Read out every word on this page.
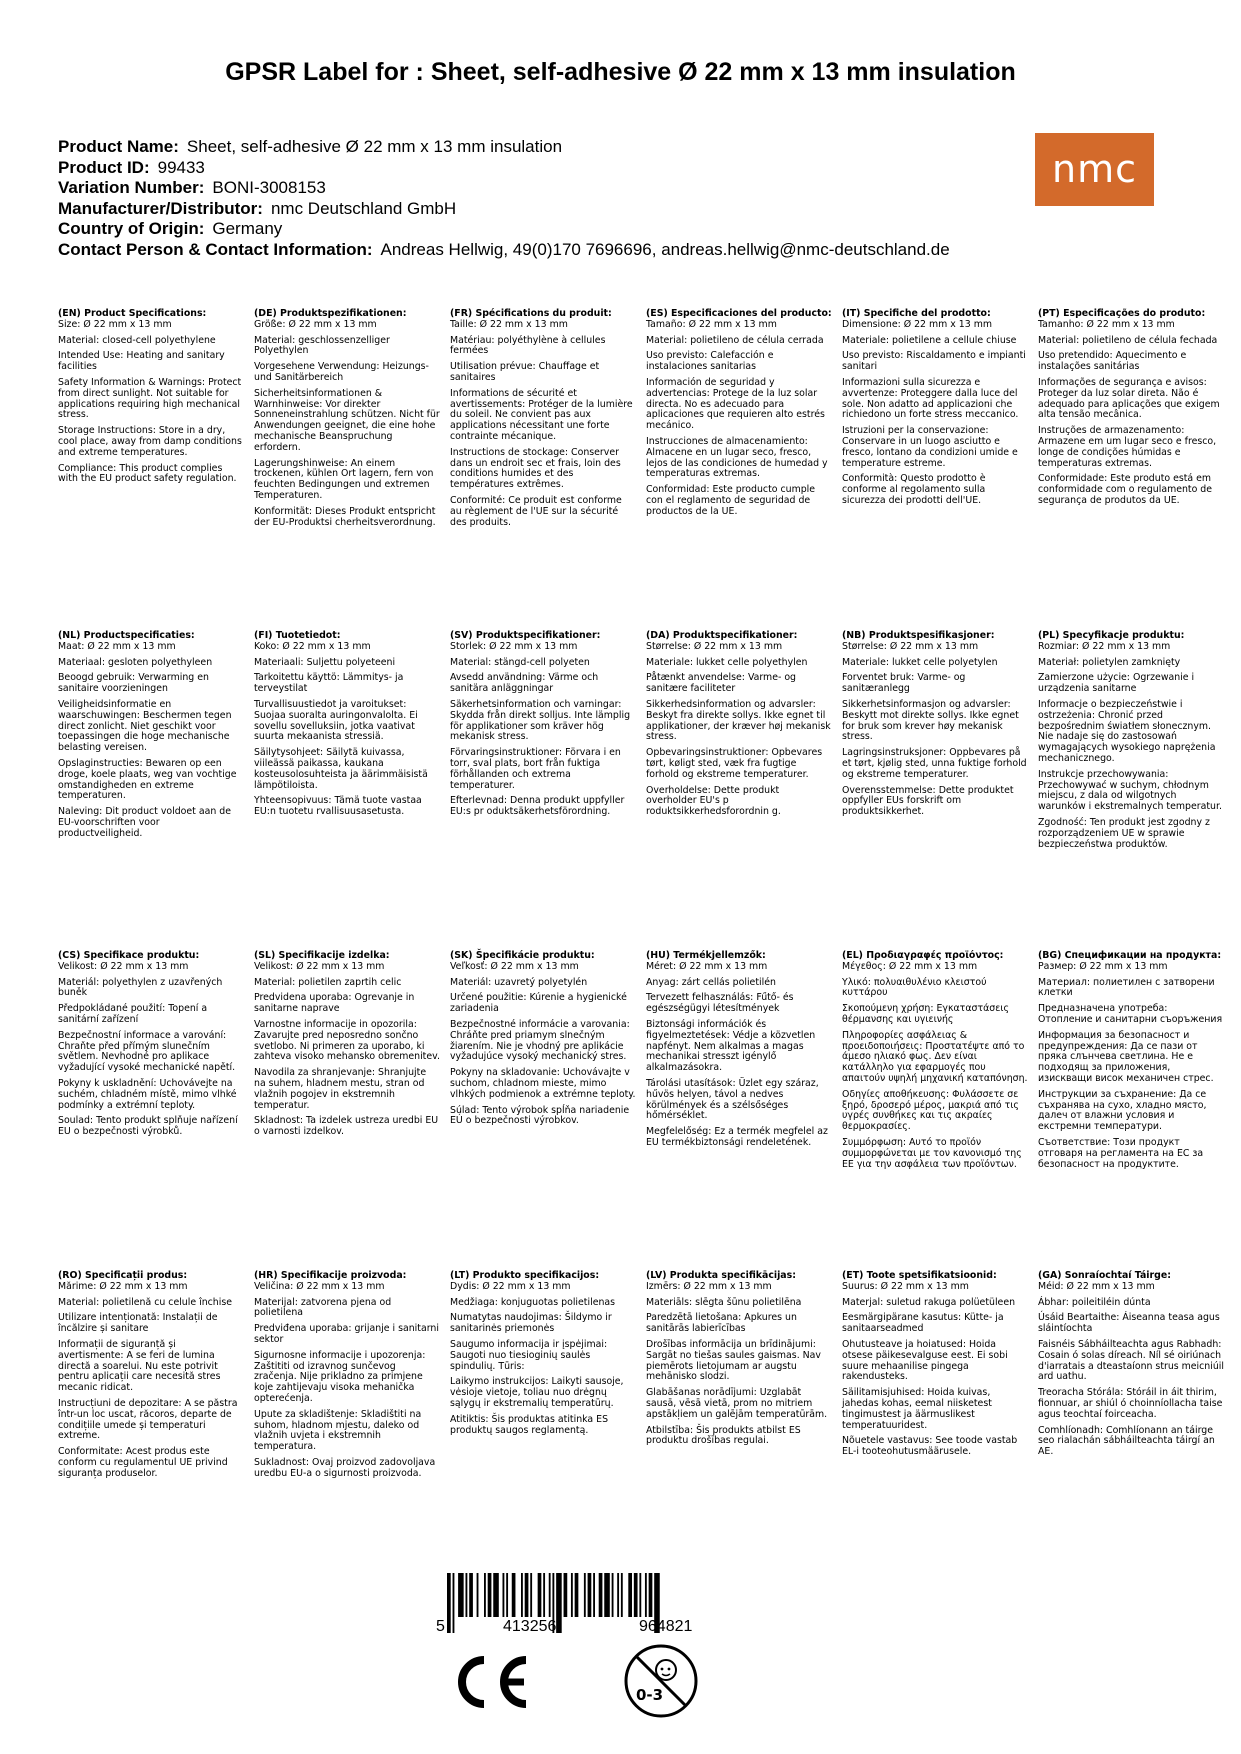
GPSR Label for : Sheet, self-adhesive Ø 22 mm x 13 mm insulation
Product Name: Sheet, self-adhesive Ø 22 mm x 13 mm insulation
Product ID: 99433
Variation Number: BONI-3008153
Manufacturer/Distributor: nmc Deutschland GmbH
Country of Origin: Germany
Contact Person & Contact Information: Andreas Hellwig, 49(0)170 7696696, andreas.hellwig@nmc-deutschland.de
nmc
(EN) Product Specifications:
Size: Ø 22 mm x 13 mm
Material: closed-cell polyethylene
Intended Use: Heating and sanitary facilities
Safety Information & Warnings: Protect from direct sunlight. Not suitable for applications requiring high mechanical stress.
Storage Instructions: Store in a dry, cool place, away from damp conditions and extreme temperatures.
Compliance: This product complies with the EU product safety regulation.
(DE) Produktspezifikationen:
Größe: Ø 22 mm x 13 mm
Material: geschlossenzelliger Polyethylen
Vorgesehene Verwendung: Heizungs- und Sanitärbereich
Sicherheitsinformationen & Warnhinweise: Vor direkter Sonneneinstrahlung schützen. Nicht für Anwendungen geeignet, die eine hohe mechanische Beanspruchung erfordern.
Lagerungshinweise: An einem trockenen, kühlen Ort lagern, fern von feuchten Bedingungen und extremen Temperaturen.
Konformität: Dieses Produkt entspricht der EU-Produktsi cherheitsverordnung.
(FR) Spécifications du produit:
Taille: Ø 22 mm x 13 mm
Matériau: polyéthylène à cellules fermées
Utilisation prévue: Chauffage et sanitaires
Informations de sécurité et avertissements: Protéger de la lumière du soleil. Ne convient pas aux applications nécessitant une forte contrainte mécanique.
Instructions de stockage: Conserver dans un endroit sec et frais, loin des conditions humides et des températures extrêmes.
Conformité: Ce produit est conforme au règlement de l'UE sur la sécurité des produits.
(ES) Especificaciones del producto:
Tamaño: Ø 22 mm x 13 mm
Material: polietileno de célula cerrada
Uso previsto: Calefacción e instalaciones sanitarias
Información de seguridad y advertencias: Protege de la luz solar directa. No es adecuado para aplicaciones que requieren alto estrés mecánico.
Instrucciones de almacenamiento: Almacene en un lugar seco, fresco, lejos de las condiciones de humedad y temperaturas extremas.
Conformidad: Este producto cumple con el reglamento de seguridad de productos de la UE.
(IT) Specifiche del prodotto:
Dimensione: Ø 22 mm x 13 mm
Materiale: polietilene a cellule chiuse
Uso previsto: Riscaldamento e impianti sanitari
Informazioni sulla sicurezza e avvertenze: Proteggere dalla luce del sole. Non adatto ad applicazioni che richiedono un forte stress meccanico.
Istruzioni per la conservazione: Conservare in un luogo asciutto e fresco, lontano da condizioni umide e temperature estreme.
Conformità: Questo prodotto è conforme al regolamento sulla sicurezza dei prodotti dell'UE.
(PT) Especificações do produto:
Tamanho: Ø 22 mm x 13 mm
Material: polietileno de célula fechada
Uso pretendido: Aquecimento e instalações sanitárias
Informações de segurança e avisos: Proteger da luz solar direta. Não é adequado para aplicações que exigem alta tensão mecânica.
Instruções de armazenamento: Armazene em um lugar seco e fresco, longe de condições húmidas e temperaturas extremas.
Conformidade: Este produto está em conformidade com o regulamento de segurança de produtos da UE.
(NL) Productspecificaties:
Maat: Ø 22 mm x 13 mm
Materiaal: gesloten polyethyleen
Beoogd gebruik: Verwarming en sanitaire voorzieningen
Veiligheidsinformatie en waarschuwingen: Beschermen tegen direct zonlicht. Niet geschikt voor toepassingen die hoge mechanische belasting vereisen.
Opslaginstructies: Bewaren op een droge, koele plaats, weg van vochtige omstandigheden en extreme temperaturen.
Naleving: Dit product voldoet aan de EU-voorschriften voor productveiligheid.
(FI) Tuotetiedot:
Koko: Ø 22 mm x 13 mm
Materiaali: Suljettu polyeteeni
Tarkoitettu käyttö: Lämmitys- ja terveystilat
Turvallisuustiedot ja varoitukset: Suojaa suoralta auringonvalolta. Ei sovellu sovelluksiin, jotka vaativat suurta mekaanista stressiä.
Säilytysohjeet: Säilytä kuivassa, viileässä paikassa, kaukana kosteusolosuhteista ja äärimmäisistä lämpötiloista.
Yhteensopivuus: Tämä tuote vastaa EU:n tuotetu rvallisuusasetusta.
(SV) Produktspecifikationer:
Storlek: Ø 22 mm x 13 mm
Material: stängd-cell polyeten
Avsedd användning: Värme och sanitära anläggningar
Säkerhetsinformation och varningar: Skydda från direkt solljus. Inte lämplig för applikationer som kräver hög mekanisk stress.
Förvaringsinstruktioner: Förvara i en torr, sval plats, bort från fuktiga förhållanden och extrema temperaturer.
Efterlevnad: Denna produkt uppfyller EU:s pr oduktsäkerhetsförordning.
(DA) Produktspecifikationer:
Størrelse: Ø 22 mm x 13 mm
Materiale: lukket celle polyethylen
Påtænkt anvendelse: Varme- og sanitære faciliteter
Sikkerhedsinformation og advarsler: Beskyt fra direkte sollys. Ikke egnet til applikationer, der kræver høj mekanisk stress.
Opbevaringsinstruktioner: Opbevares tørt, køligt sted, væk fra fugtige forhold og ekstreme temperaturer.
Overholdelse: Dette produkt overholder EU's p roduktsikkerhedsforordnin g.
(NB) Produktspesifikasjoner:
Størrelse: Ø 22 mm x 13 mm
Materiale: lukket celle polyetylen
Forventet bruk: Varme- og sanitæranlegg
Sikkerhetsinformasjon og advarsler: Beskytt mot direkte sollys. Ikke egnet for bruk som krever høy mekanisk stress.
Lagringsinstruksjoner: Oppbevares på et tørt, kjølig sted, unna fuktige forhold og ekstreme temperaturer.
Overensstemmelse: Dette produktet oppfyller EUs forskrift om produktsikkerhet.
(PL) Specyfikacje produktu:
Rozmiar: Ø 22 mm x 13 mm
Materiał: polietylen zamknięty
Zamierzone użycie: Ogrzewanie i urządzenia sanitarne
Informacje o bezpieczeństwie i ostrzeżenia: Chronić przed bezpośrednim światłem słonecznym. Nie nadaje się do zastosowań wymagających wysokiego naprężenia mechanicznego.
Instrukcje przechowywania: Przechowywać w suchym, chłodnym miejscu, z dala od wilgotnych warunków i ekstremalnych temperatur.
Zgodność: Ten produkt jest zgodny z rozporządzeniem UE w sprawie bezpieczeństwa produktów.
(CS) Specifikace produktu:
Velikost: Ø 22 mm x 13 mm
Materiál: polyethylen z uzavřených buněk
Předpokládané použití: Topení a sanitární zařízení
Bezpečnostní informace a varování: Chraňte před přímým slunečním světlem. Nevhodné pro aplikace vyžadující vysoké mechanické napětí.
Pokyny k uskladnění: Uchovávejte na suchém, chladném místě, mimo vlhké podmínky a extrémní teploty.
Soulad: Tento produkt splňuje nařízení EU o bezpečnosti výrobků.
(SL) Specifikacije izdelka:
Velikost: Ø 22 mm x 13 mm
Material: polietilen zaprtih celic
Predvidena uporaba: Ogrevanje in sanitarne naprave
Varnostne informacije in opozorila: Zavarujte pred neposredno sončno svetlobo. Ni primeren za uporabo, ki zahteva visoko mehansko obremenitev.
Navodila za shranjevanje: Shranjujte na suhem, hladnem mestu, stran od vlažnih pogojev in ekstremnih temperatur.
Skladnost: Ta izdelek ustreza uredbi EU o varnosti izdelkov.
(SK) Špecifikácie produktu:
Veľkosť: Ø 22 mm x 13 mm
Materiál: uzavretý polyetylén
Určené použitie: Kúrenie a hygienické zariadenia
Bezpečnostné informácie a varovania: Chráňte pred priamym slnečným žiarením. Nie je vhodný pre aplikácie vyžadujúce vysoký mechanický stres.
Pokyny na skladovanie: Uchovávajte v suchom, chladnom mieste, mimo vlhkých podmienok a extrémne teploty.
Súlad: Tento výrobok spĺňa nariadenie EÚ o bezpečnosti výrobkov.
(HU) Termékjellemzők:
Méret: Ø 22 mm x 13 mm
Anyag: zárt cellás polietilén
Tervezett felhasználás: Fűtő- és egészségügyi létesítmények
Biztonsági információk és figyelmeztetések: Védje a közvetlen napfényt. Nem alkalmas a magas mechanikai stresszt igénylő alkalmazásokra.
Tárolási utasítások: Üzlet egy száraz, hűvös helyen, távol a nedves körülmények és a szélsőséges hőmérséklet.
Megfelelőség: Ez a termék megfelel az EU termékbiztonsági rendeletének.
(EL) Προδιαγραφές προϊόντος:
Μέγεθος: Ø 22 mm x 13 mm
Υλικό: πολυαιθυλένιο κλειστού κυττάρου
Σκοπούμενη χρήση: Εγκαταστάσεις θέρμανσης και υγιεινής
Πληροφορίες ασφάλειας & προειδοποιήσεις: Προστατέψτε από το άμεσο ηλιακό φως. Δεν είναι κατάλληλο για εφαρμογές που απαιτούν υψηλή μηχανική καταπόνηση.
Οδηγίες αποθήκευσης: Φυλάσσετε σε ξηρό, δροσερό μέρος, μακριά από τις υγρές συνθήκες και τις ακραίες θερμοκρασίες.
Συμμόρφωση: Αυτό το προϊόν συμμορφώνεται με τον κανονισμό της ΕΕ για την ασφάλεια των προϊόντων.
(BG) Спецификации на продукта:
Размер: Ø 22 mm x 13 mm
Материал: полиетилен с затворени клетки
Предназначена употреба: Отопление и санитарни съоръжения
Информация за безопасност и предупреждения: Да се пази от пряка слънчева светлина. Не е подходящ за приложения, изискващи висок механичен стрес.
Инструкции за съхранение: Да се съхранява на сухо, хладно място, далеч от влажни условия и екстремни температури.
Съответствие: Този продукт отговаря на регламента на ЕС за безопасност на продуктите.
(RO) Specificații produs:
Mărime: Ø 22 mm x 13 mm
Material: polietilenă cu celule închise
Utilizare intenționată: Instalații de încălzire și sanitare
Informații de siguranță și avertismente: A se feri de lumina directă a soarelui. Nu este potrivit pentru aplicații care necesită stres mecanic ridicat.
Instrucțiuni de depozitare: A se păstra într-un loc uscat, răcoros, departe de condițiile umede și temperaturi extreme.
Conformitate: Acest produs este conform cu regulamentul UE privind siguranța produselor.
(HR) Specifikacije proizvoda:
Veličina: Ø 22 mm x 13 mm
Materijal: zatvorena pjena od polietilena
Predviđena uporaba: grijanje i sanitarni sektor
Sigurnosne informacije i upozorenja: Zaštititi od izravnog sunčevog zračenja. Nije prikladno za primjene koje zahtijevaju visoka mehanička opterećenja.
Upute za skladištenje: Skladištiti na suhom, hladnom mjestu, daleko od vlažnih uvjeta i ekstremnih temperatura.
Sukladnost: Ovaj proizvod zadovoljava uredbu EU-a o sigurnosti proizvoda.
(LT) Produkto specifikacijos:
Dydis: Ø 22 mm x 13 mm
Medžiaga: konjuguotas polietilenas
Numatytas naudojimas: Šildymo ir sanitarinės priemonės
Saugumo informacija ir įspėjimai: Saugoti nuo tiesioginių saulės spindulių. Tūris:
Laikymo instrukcijos: Laikyti sausoje, vėsioje vietoje, toliau nuo drėgnų sąlygų ir ekstremalių temperatūrų.
Atitiktis: Šis produktas atitinka ES produktų saugos reglamentą.
(LV) Produkta specifikācijas:
Izmērs: Ø 22 mm x 13 mm
Materiāls: slēgta šūnu polietilēna
Paredzētā lietošana: Apkures un sanitārās labierīcības
Drošības informācija un brīdinājumi: Sargāt no tiešas saules gaismas. Nav piemērots lietojumam ar augstu mehānisko slodzi.
Glabāšanas norādījumi: Uzglabāt sausā, vēsā vietā, prom no mitriem apstākļiem un galējām temperatūrām.
Atbilstība: Šis produkts atbilst ES produktu drošības regulai.
(ET) Toote spetsifikatsioonid:
Suurus: Ø 22 mm x 13 mm
Materjal: suletud rakuga polüetüleen
Eesmärgipärane kasutus: Kütte- ja sanitaarseadmed
Ohutusteave ja hoiatused: Hoida otsese päikesevalguse eest. Ei sobi suure mehaanilise pingega rakendusteks.
Säilitamisjuhised: Hoida kuivas, jahedas kohas, eemal niisketest tingimustest ja äärmuslikest temperatuuridest.
Nõuetele vastavus: See toode vastab EL-i tooteohutusmäärusele.
(GA) Sonraíochtaí Táirge:
Méid: Ø 22 mm x 13 mm
Ábhar: poileitiléin dúnta
Úsáid Beartaithe: Áiseanna teasa agus sláintíochta
Faisnéis Sábháilteachta agus Rabhadh: Cosain ó solas díreach. Níl sé oiriúnach d'iarratais a dteastaíonn strus meicniúil ard uathu.
Treoracha Stórála: Stóráil in áit thirim, fionnuar, ar shiúl ó choinníollacha taise agus teochtaí foirceacha.
Comhlíonadh: Comhlíonann an táirge seo rialachán sábháilteachta táirgí an AE.
5	413256	964821
0-3
